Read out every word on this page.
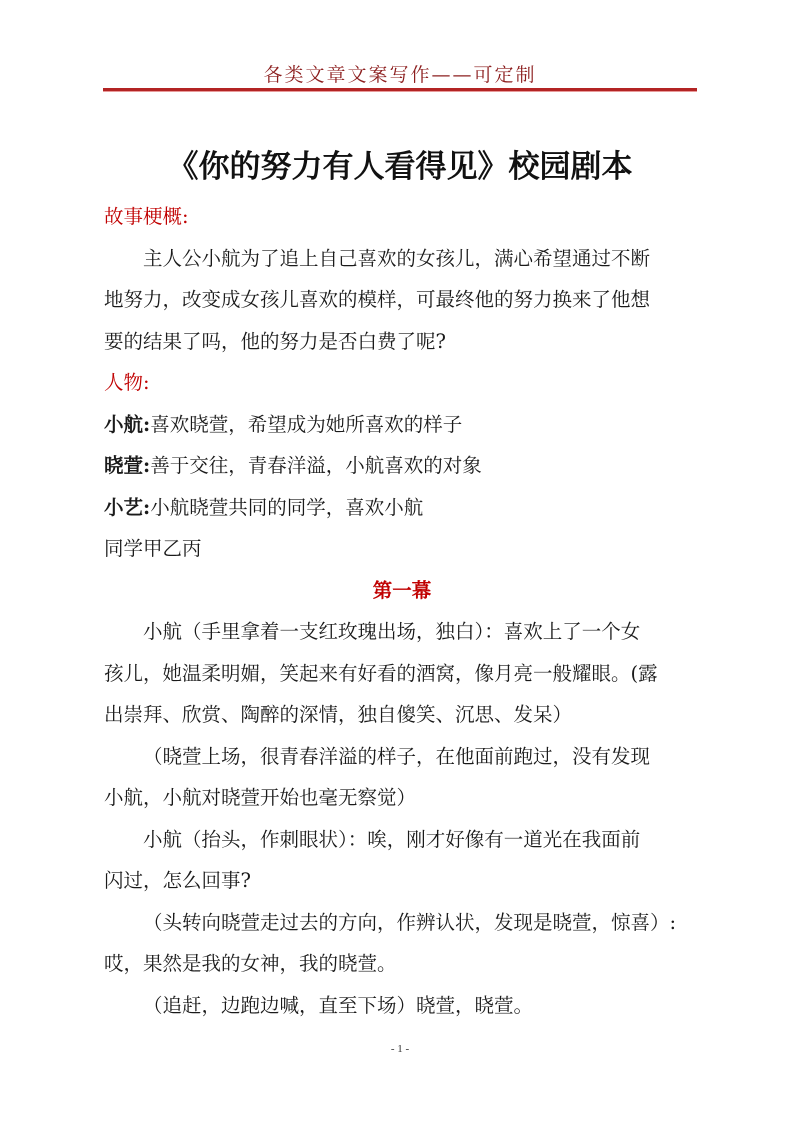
各类文章文案写作——可定制
《你的努力有人看得见》校园剧本
故事梗概:
主人公小航为了追上自己喜欢的女孩儿，满心希望通过不断
地努力，改变成女孩儿喜欢的模样，可最终他的努力换来了他想
要的结果了吗，他的努力是否白费了呢?
人物:
小航:喜欢晓萱，希望成为她所喜欢的样子
晓萱:善于交往，青春洋溢，小航喜欢的对象
小艺:小航晓萱共同的同学，喜欢小航
同学甲乙丙
第一幕
小航（手里拿着一支红玫瑰出场，独白）：喜欢上了一个女
孩儿，她温柔明媚，笑起来有好看的酒窝，像月亮一般耀眼。(露
出崇拜、欣赏、陶醉的深情，独自傻笑、沉思、发呆）
（晓萱上场，很青春洋溢的样子，在他面前跑过，没有发现
小航，小航对晓萱开始也毫无察觉）
小航（抬头，作刺眼状）：唉，刚才好像有一道光在我面前
闪过，怎么回事?
（头转向晓萱走过去的方向，作辨认状，发现是晓萱，惊喜）:
哎，果然是我的女神，我的晓萱。
（追赶，边跑边喊，直至下场）晓萱，晓萱。
- 1 -
